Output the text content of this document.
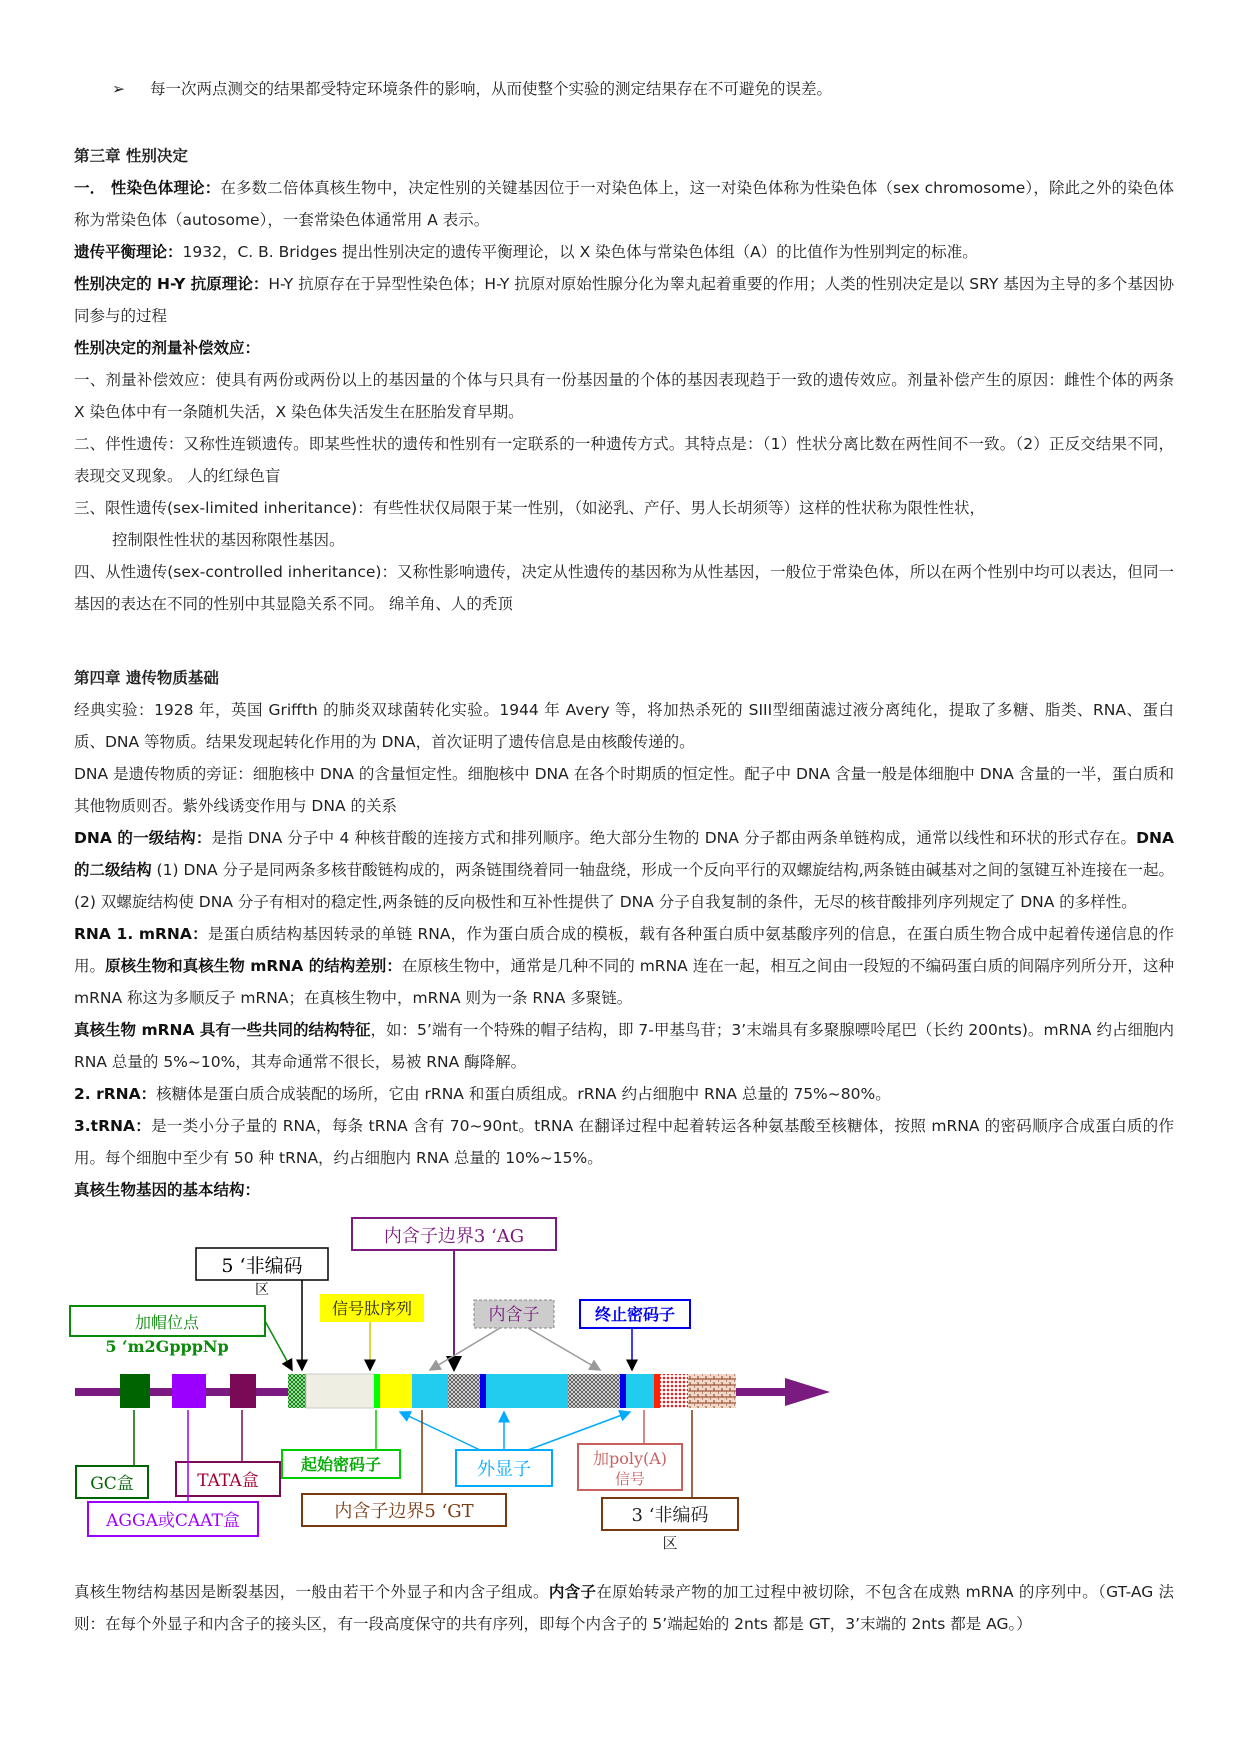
➢ 每一次两点测交的结果都受特定环境条件的影响，从而使整个实验的测定结果存在不可避免的误差。

第三章 性别决定

一． 性染色体理论：在多数二倍体真核生物中，决定性别的关键基因位于一对染色体上，这一对染色体称为性染色体（sex chromosome），除此之外的染色体称为常染色体（autosome），一套常染色体通常用 A 表示。

遗传平衡理论：1932，C. B. Bridges 提出性别决定的遗传平衡理论，以 X 染色体与常染色体组（A）的比值作为性别判定的标准。

性别决定的 H-Y 抗原理论：H-Y 抗原存在于异型性染色体；H-Y 抗原对原始性腺分化为睾丸起着重要的作用；人类的性别决定是以 SRY 基因为主导的多个基因协同参与的过程

性别决定的剂量补偿效应：

一、剂量补偿效应：使具有两份或两份以上的基因量的个体与只具有一份基因量的个体的基因表现趋于一致的遗传效应。剂量补偿产生的原因：雌性个体的两条 X 染色体中有一条随机失活，X 染色体失活发生在胚胎发育早期。

二、伴性遗传：又称性连锁遗传。即某些性状的遗传和性别有一定联系的一种遗传方式。其特点是：（1）性状分离比数在两性间不一致。（2）正反交结果不同，表现交叉现象。 人的红绿色盲

三、限性遗传(sex-limited inheritance)：有些性状仅局限于某一性别，（如泌乳、产仔、男人长胡须等）这样的性状称为限性性状，

控制限性性状的基因称限性基因。

四、从性遗传(sex-controlled inheritance)：又称性影响遗传，决定从性遗传的基因称为从性基因，一般位于常染色体，所以在两个性别中均可以表达，但同一基因的表达在不同的性别中其显隐关系不同。 绵羊角、人的秃顶

第四章 遗传物质基础

经典实验：1928 年，英国 Griffth 的肺炎双球菌转化实验。1944 年 Avery 等，将加热杀死的 SIII型细菌滤过液分离纯化，提取了多糖、脂类、RNA、蛋白质、DNA 等物质。结果发现起转化作用的为 DNA，首次证明了遗传信息是由核酸传递的。

DNA 是遗传物质的旁证：细胞核中 DNA 的含量恒定性。细胞核中 DNA 在各个时期质的恒定性。配子中 DNA 含量一般是体细胞中 DNA 含量的一半，蛋白质和其他物质则否。紫外线诱变作用与 DNA 的关系

DNA 的一级结构：是指 DNA 分子中 4 种核苷酸的连接方式和排列顺序。绝大部分生物的 DNA 分子都由两条单链构成，通常以线性和环状的形式存在。DNA 的二级结构 (1) DNA 分子是同两条多核苷酸链构成的，两条链围绕着同一轴盘绕，形成一个反向平行的双螺旋结构,两条链由碱基对之间的氢键互补连接在一起。(2) 双螺旋结构使 DNA 分子有相对的稳定性,两条链的反向极性和互补性提供了 DNA 分子自我复制的条件，无尽的核苷酸排列序列规定了 DNA 的多样性。

RNA 1. mRNA：是蛋白质结构基因转录的单链 RNA，作为蛋白质合成的模板，载有各种蛋白质中氨基酸序列的信息，在蛋白质生物合成中起着传递信息的作用。原核生物和真核生物 mRNA 的结构差别：在原核生物中，通常是几种不同的 mRNA 连在一起，相互之间由一段短的不编码蛋白质的间隔序列所分开，这种 mRNA 称这为多顺反子 mRNA；在真核生物中，mRNA 则为一条 RNA 多聚链。

真核生物 mRNA 具有一些共同的结构特征，如：5’端有一个特殊的帽子结构，即 7-甲基鸟苷；3’末端具有多聚腺嘌呤尾巴（长约 200nts)。mRNA 约占细胞内 RNA 总量的 5%~10%，其寿命通常不很长，易被 RNA 酶降解。

2. rRNA：核糖体是蛋白质合成装配的场所，它由 rRNA 和蛋白质组成。rRNA 约占细胞中 RNA 总量的 75%~80%。

3.tRNA：是一类小分子量的 RNA，每条 tRNA 含有 70~90nt。tRNA 在翻译过程中起着转运各种氨基酸至核糖体，按照 mRNA 的密码顺序合成蛋白质的作用。每个细胞中至少有 50 种 tRNA，约占细胞内 RNA 总量的 10%~15%。

真核生物基因的基本结构：

5 ‘非编码
区
内含子边界3 ‘AG
加帽位点
5 ‘m2GpppNp
信号肽序列	内含子	终止密码子
GC盒	TATA盒
AGGA或CAAT盒
起始密码子	外显子
加poly(A)
信号
内含子边界5 ‘GT	3 ‘非编码
区

真核生物结构基因是断裂基因，一般由若干个外显子和内含子组成。内含子在原始转录产物的加工过程中被切除，不包含在成熟 mRNA 的序列中。（GT-AG 法则：在每个外显子和内含子的接头区，有一段高度保守的共有序列，即每个内含子的 5’端起始的 2nts 都是 GT，3’末端的 2nts 都是 AG。）
